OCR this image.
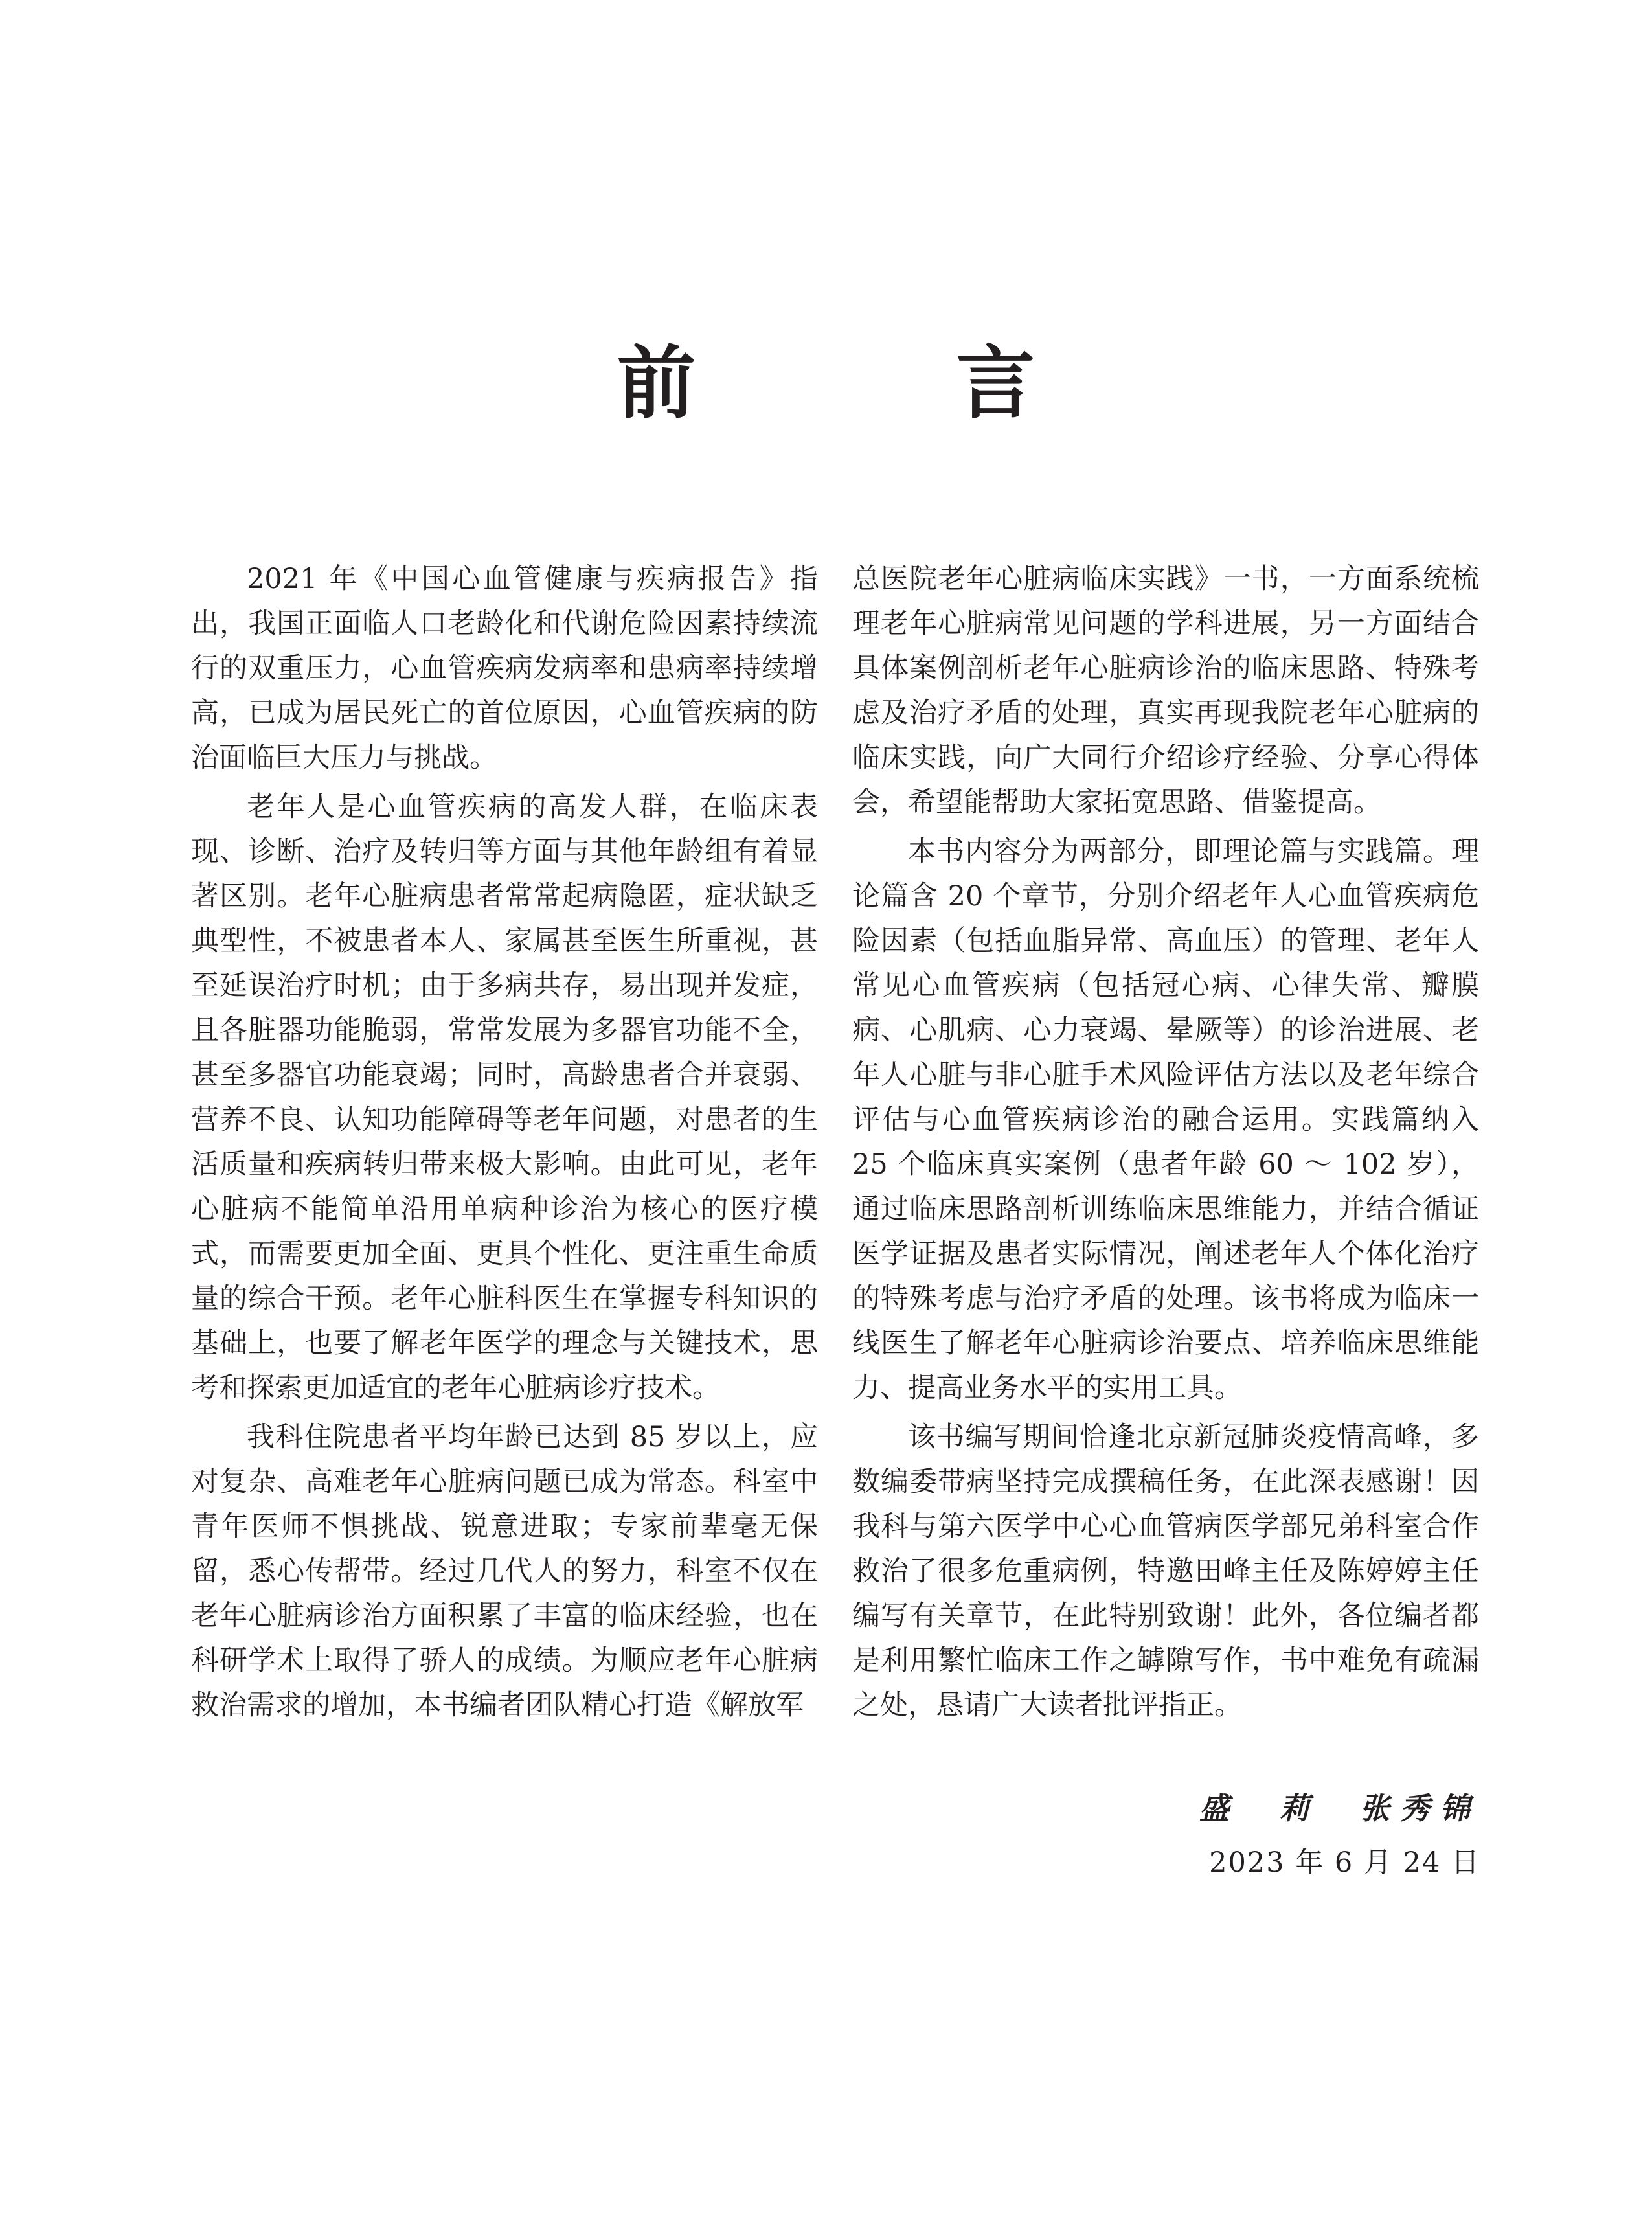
前　言

2021 年《中国心血管健康与疾病报告》指出，我国正面临人口老龄化和代谢危险因素持续流行的双重压力，心血管疾病发病率和患病率持续增高，已成为居民死亡的首位原因，心血管疾病的防治面临巨大压力与挑战。

老年人是心血管疾病的高发人群，在临床表现、诊断、治疗及转归等方面与其他年龄组有着显著区别。老年心脏病患者常常起病隐匿，症状缺乏典型性，不被患者本人、家属甚至医生所重视，甚至延误治疗时机；由于多病共存，易出现并发症，且各脏器功能脆弱，常常发展为多器官功能不全，甚至多器官功能衰竭；同时，高龄患者合并衰弱、营养不良、认知功能障碍等老年问题，对患者的生活质量和疾病转归带来极大影响。由此可见，老年心脏病不能简单沿用单病种诊治为核心的医疗模式，而需要更加全面、更具个性化、更注重生命质量的综合干预。老年心脏科医生在掌握专科知识的基础上，也要了解老年医学的理念与关键技术，思考和探索更加适宜的老年心脏病诊疗技术。

我科住院患者平均年龄已达到 85 岁以上，应对复杂、高难老年心脏病问题已成为常态。科室中青年医师不惧挑战、锐意进取；专家前辈毫无保留，悉心传帮带。经过几代人的努力，科室不仅在老年心脏病诊治方面积累了丰富的临床经验，也在科研学术上取得了骄人的成绩。为顺应老年心脏病救治需求的增加，本书编者团队精心打造《解放军

总医院老年心脏病临床实践》一书，一方面系统梳理老年心脏病常见问题的学科进展，另一方面结合具体案例剖析老年心脏病诊治的临床思路、特殊考虑及治疗矛盾的处理，真实再现我院老年心脏病的临床实践，向广大同行介绍诊疗经验、分享心得体会，希望能帮助大家拓宽思路、借鉴提高。

本书内容分为两部分，即理论篇与实践篇。理论篇含 20 个章节，分别介绍老年人心血管疾病危险因素（包括血脂异常、高血压）的管理、老年人常见心血管疾病（包括冠心病、心律失常、瓣膜病、心肌病、心力衰竭、晕厥等）的诊治进展、老年人心脏与非心脏手术风险评估方法以及老年综合评估与心血管疾病诊治的融合运用。实践篇纳入 25 个临床真实案例（患者年龄 60 ～ 102 岁），通过临床思路剖析训练临床思维能力，并结合循证医学证据及患者实际情况，阐述老年人个体化治疗的特殊考虑与治疗矛盾的处理。该书将成为临床一线医生了解老年心脏病诊治要点、培养临床思维能力、提高业务水平的实用工具。

该书编写期间恰逢北京新冠肺炎疫情高峰，多数编委带病坚持完成撰稿任务，在此深表感谢！因我科与第六医学中心心血管病医学部兄弟科室合作救治了很多危重病例，特邀田峰主任及陈婷婷主任编写有关章节，在此特别致谢！此外，各位编者都是利用繁忙临床工作之罅隙写作，书中难免有疏漏之处，恳请广大读者批评指正。

盛　莉　张秀锦
2023 年 6 月 24 日
